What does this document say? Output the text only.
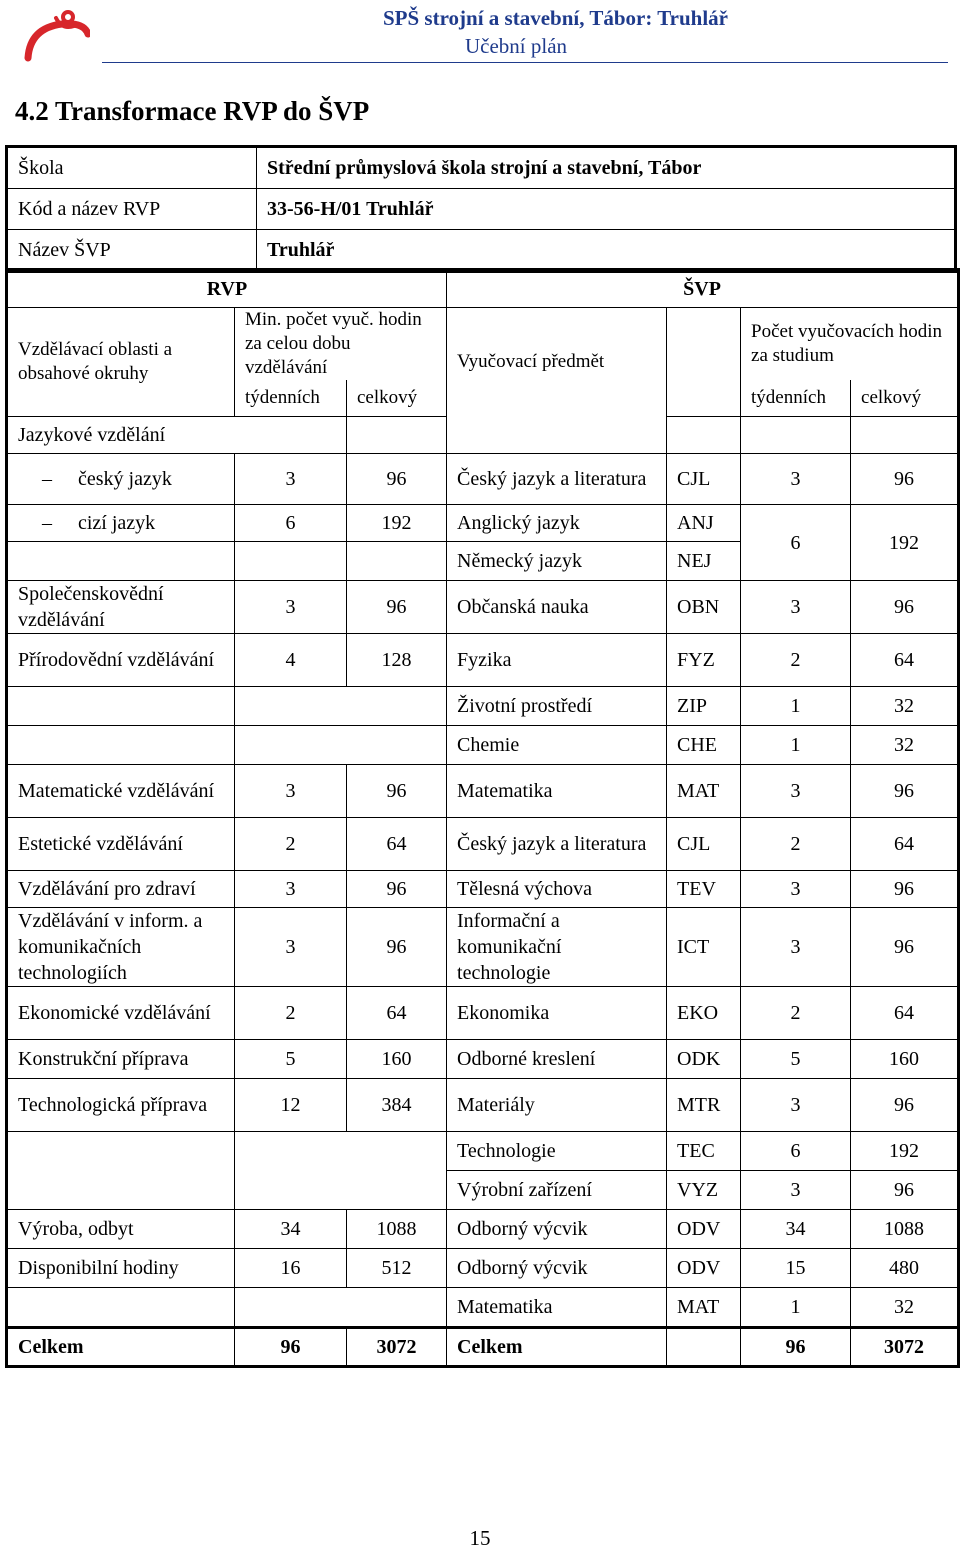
SPŠ strojní a stavební, Tábor: Truhlář
Učební plán
4.2 Transformace RVP do ŠVP
Škola	Střední průmyslová škola strojní a stavební, Tábor
Kód a název RVP	33-56-H/01 Truhlář
Název ŠVP	Truhlář
RVP			ŠVP			
Vzdělávací oblasti a obsahové okruhy	Min. počet vyuč. hodin za celou dobu vzdělávání		Vyučovací předmět		Počet vyučovacích hodin za studium	
	týdenních	celkový			týdenních	celkový
Jazykové vzdělání						
– český jazyk	3	96	Český jazyk a literatura	CJL	3	96
– cizí jazyk	6	192	Anglický jazyk	ANJ	6	192
			Německý jazyk	NEJ		
Společenskovědní vzdělávání	3	96	Občanská nauka	OBN	3	96
Přírodovědní vzdělávání	4	128	Fyzika	FYZ	2	64
			Životní prostředí	ZIP	1	32
			Chemie	CHE	1	32
Matematické vzdělávání	3	96	Matematika	MAT	3	96
Estetické vzdělávání	2	64	Český jazyk a literatura	CJL	2	64
Vzdělávání pro zdraví	3	96	Tělesná výchova	TEV	3	96
Vzdělávání v inform. a komunikačních technologiích	3	96	Informační a komunikační technologie	ICT	3	96
Ekonomické vzdělávání	2	64	Ekonomika	EKO	2	64
Konstrukční příprava	5	160	Odborné kreslení	ODK	5	160
Technologická příprava	12	384	Materiály	MTR	3	96
			Technologie	TEC	6	192
			Výrobní zařízení	VYZ	3	96
Výroba, odbyt	34	1088	Odborný výcvik	ODV	34	1088
Disponibilní hodiny	16	512	Odborný výcvik	ODV	15	480
			Matematika	MAT	1	32
Celkem	96	3072	Celkem		96	3072
15
